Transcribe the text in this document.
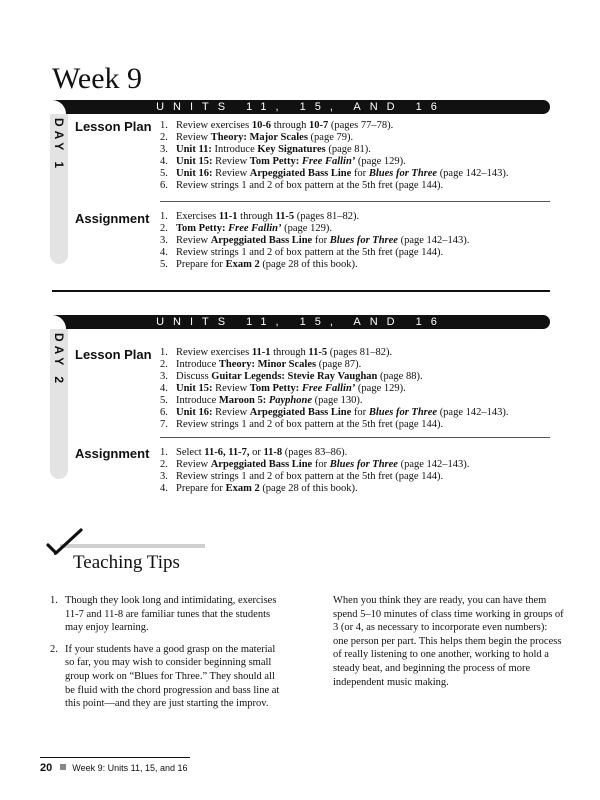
Week 9
UNITS 11, 15, AND 16
DAY 1 Lesson Plan 1. Review exercises 10-6 through 10-7 (pages 77–78).
2. Review Theory: Major Scales (page 79).
3. Unit 11: Introduce Key Signatures (page 81).
4. Unit 15: Review Tom Petty: Free Fallin’ (page 129).
5. Unit 16: Review Arpeggiated Bass Line for Blues for Three (page 142–143).
6. Review strings 1 and 2 of box pattern at the 5th fret (page 144).
Assignment 1. Exercises 11-1 through 11-5 (pages 81–82).
2. Tom Petty: Free Fallin’ (page 129).
3. Review Arpeggiated Bass Line for Blues for Three (page 142–143).
4. Review strings 1 and 2 of box pattern at the 5th fret (page 144).
5. Prepare for Exam 2 (page 28 of this book).
UNITS 11, 15, AND 16
DAY 2 Lesson Plan 1. Review exercises 11-1 through 11-5 (pages 81–82).
2. Introduce Theory: Minor Scales (page 87).
3. Discuss Guitar Legends: Stevie Ray Vaughan (page 88).
4. Unit 15: Review Tom Petty: Free Fallin’ (page 129).
5. Introduce Maroon 5: Payphone (page 130).
6. Unit 16: Review Arpeggiated Bass Line for Blues for Three (page 142–143).
7. Review strings 1 and 2 of box pattern at the 5th fret (page 144).
Assignment 1. Select 11-6, 11-7, or 11-8 (pages 83–86).
2. Review Arpeggiated Bass Line for Blues for Three (page 142–143).
3. Review strings 1 and 2 of box pattern at the 5th fret (page 144).
4. Prepare for Exam 2 (page 28 of this book).
Teaching Tips
1. Though they look long and intimidating, exercises 11-7 and 11-8 are familiar tunes that the students may enjoy learning.
2. If your students have a good grasp on the material so far, you may wish to consider beginning small group work on “Blues for Three.” They should all be fluid with the chord progression and bass line at this point—and they are just starting the improv.
When you think they are ready, you can have them spend 5–10 minutes of class time working in groups of 3 (or 4, as necessary to incorporate even numbers): one person per part. This helps them begin the process of really listening to one another, working to hold a steady beat, and beginning the process of more independent music making.
20 Week 9: Units 11, 15, and 16
